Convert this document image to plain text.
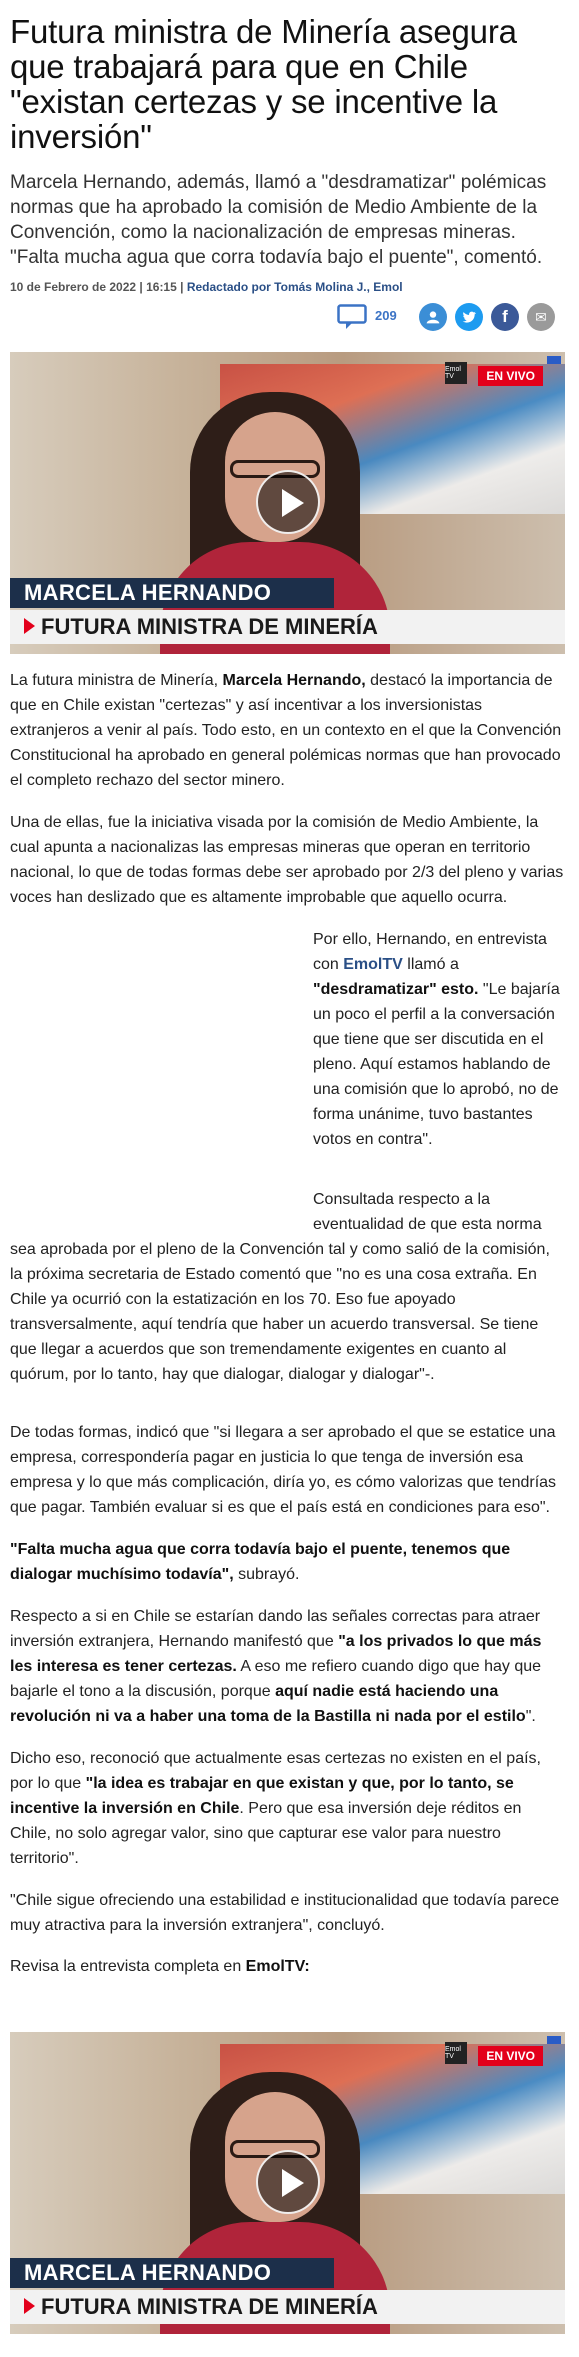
Futura ministra de Minería asegura que trabajará para que en Chile "existan certezas y se incentive la inversión"

Marcela Hernando, además, llamó a "desdramatizar" polémicas normas que ha aprobado la comisión de Medio Ambiente de la Convención, como la nacionalización de empresas mineras. "Falta mucha agua que corra todavía bajo el puente", comentó.

10 de Febrero de 2022 | 16:15 | Redactado por Tomás Molina J., Emol
209	f	✉
Emol TV	EN VIVO
MARCELA HERNANDO
FUTURA MINISTRA DE MINERÍA

La futura ministra de Minería, Marcela Hernando, destacó la importancia de que en Chile existan "certezas" y así incentivar a los inversionistas extranjeros a venir al país. Todo esto, en un contexto en el que la Convención Constitucional ha aprobado en general polémicas normas que han provocado el completo rechazo del sector minero.

Una de ellas, fue la iniciativa visada por la comisión de Medio Ambiente, la cual apunta a nacionalizas las empresas mineras que operan en territorio nacional, lo que de todas formas debe ser aprobado por 2/3 del pleno y varias voces han deslizado que es altamente improbable que aquello ocurra.

Por ello, Hernando, en entrevista con EmolTV llamó a "desdramatizar" esto. "Le bajaría un poco el perfil a la conversación que tiene que ser discutida en el pleno. Aquí estamos hablando de una comisión que lo aprobó, no de forma unánime, tuvo bastantes votos en contra".

Consultada respecto a la eventualidad de que esta norma

sea aprobada por el pleno de la Convención tal y como salió de la comisión, la próxima secretaria de Estado comentó que "no es una cosa extraña. En Chile ya ocurrió con la estatización en los 70. Eso fue apoyado transversalmente, aquí tendría que haber un acuerdo transversal. Se tiene que llegar a acuerdos que son tremendamente exigentes en cuanto al quórum, por lo tanto, hay que dialogar, dialogar y dialogar"-.

De todas formas, indicó que "si llegara a ser aprobado el que se estatice una empresa, correspondería pagar en justicia lo que tenga de inversión esa empresa y lo que más complicación, diría yo, es cómo valorizas que tendrías que pagar. También evaluar si es que el país está en condiciones para eso".

"Falta mucha agua que corra todavía bajo el puente, tenemos que dialogar muchísimo todavía", subrayó.

Respecto a si en Chile se estarían dando las señales correctas para atraer inversión extranjera, Hernando manifestó que "a los privados lo que más les interesa es tener certezas. A eso me refiero cuando digo que hay que bajarle el tono a la discusión, porque aquí nadie está haciendo una revolución ni va a haber una toma de la Bastilla ni nada por el estilo".

Dicho eso, reconoció que actualmente esas certezas no existen en el país, por lo que "la idea es trabajar en que existan y que, por lo tanto, se incentive la inversión en Chile. Pero que esa inversión deje réditos en Chile, no solo agregar valor, sino que capturar ese valor para nuestro territorio".

"Chile sigue ofreciendo una estabilidad e institucionalidad que todavía parece muy atractiva para la inversión extranjera", concluyó.

Revisa la entrevista completa en EmolTV:

Emol TV	EN VIVO
MARCELA HERNANDO
FUTURA MINISTRA DE MINERÍA
